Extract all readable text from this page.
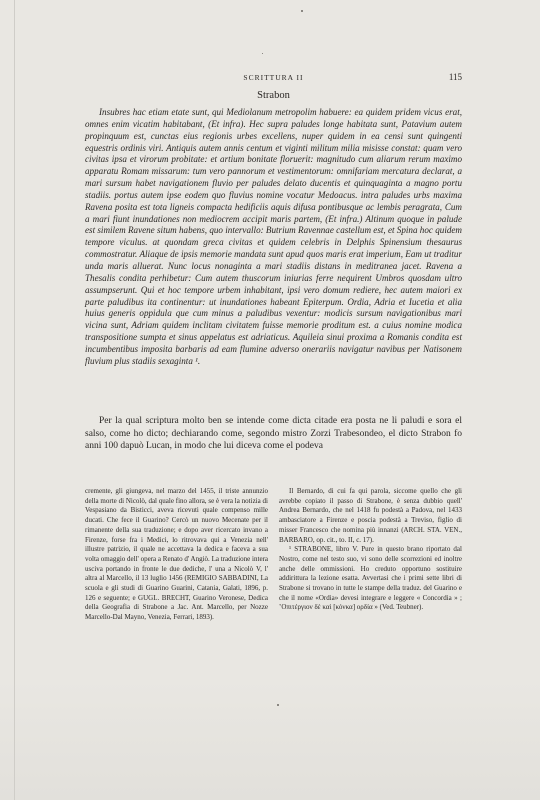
SCRITTURA II	115
Strabon

Insubres hac etiam etate sunt, qui Mediolanum metropolim habuere: ea quidem pridem vicus erat, omnes enim vicatim habitabant, (Et infra). Hec supra paludes longe habitata sunt, Patavium autem propinquum est, cunctas eius regionis urbes excellens, nuper quidem in ea censi sunt quingenti equestris ordinis viri. Antiquis autem annis centum et viginti militum milia misisse constat: quam vero civitas ipsa et virorum probitate: et artium bonitate floruerit: magnitudo cum aliarum rerum maximo apparatu Romam missarum: tum vero pannorum et vestimentorum: omnifariam mercatura declarat, a mari sursum habet navigationem fluvio per paludes delato ducentis et quinquaginta a magno portu stadiis. portus autem ipse eodem quo fluvius nomine vocatur Medoacus. intra paludes urbs maxima Ravena posita est tota ligneis compacta hedificiis aquis difusa pontibusque ac lembis peragrata, Cum a mari fiunt inundationes non mediocrem accipit maris partem, (Et infra.) Altinum quoque in palude est similem Ravene situm habens, quo intervallo: Butrium Ravennae castellum est, et Spina hoc quidem tempore viculus. at quondam greca civitas et quidem celebris in Delphis Spinensium thesaurus commostratur. Aliaque de ipsis memorie mandata sunt apud quos maris erat imperium, Eam ut traditur unda maris alluerat. Nunc locus nonaginta a mari stadiis distans in meditranea jacet. Ravena a Thesalis condita perhibetur: Cum autem thuscorum iniurias ferre nequirent Umbros quosdam ultro assumpserunt. Qui et hoc tempore urbem inhabitant, ipsi vero domum rediere, hec autem maiori ex parte paludibus ita continentur: ut inundationes habeant Epiterpum. Ordia, Adria et Iucetia et alia huius generis oppidula que cum minus a paludibus vexentur: modicis sursum navigationibus mari vicina sunt, Adriam quidem inclitam civitatem fuisse memorie proditum est. a cuius nomine modica transpositione sumpta et sinus appelatus est adriaticus. Aquileia sinui proxima a Romanis condita est incumbentibus imposita barbaris ad eam flumine adverso onerariis navigatur navibus per Natisonem fluvium plus stadiis sexaginta ¹.

Per la qual scriptura molto ben se intende come dicta citade era posta ne li paludi e sora el salso, come ho dicto; dechiarando come, segondo mistro Zorzi Trabesondeo, el dicto Strabon fo anni 100 dapuò Lucan, in modo che lui diceva come el podeva

cremente, gli giungeva, nel marzo del 1455, il triste annunzio della morte di Nicolò, dal quale fino allora, se è vera la notizia di Vespasiano da Bisticci, aveva ricevuti quale compenso mille ducati. Che fece il Guarino? Cercò un nuovo Mecenate per il rimanente della sua traduzione; e dopo aver ricercato invano a Firenze, forse fra i Medici, lo ritrovava qui a Venezia nell' illustre patrizio, il quale ne accettava la dedica e faceva a sua volta omaggio dell' opera a Renato d' Angiò. La traduzione intera usciva portando in fronte le due dediche, l' una a Nicolò V, l' altra al Marcello, il 13 luglio 1456 (REMIGIO SABBADINI, La scuola e gli studi di Guarino Guarini, Catania, Galati, 1896, p. 126 e seguente; e GUGL. BRECHT, Guarino Veronese, Dedica della Geografia di Strabone a Jac. Ant. Marcello, per Nozze Marcello-Dal Mayno, Venezia, Ferrari, 1893).

Il Bernardo, di cui fa qui parola, siccome quello che gli avrebbe copiato il passo di Strabone, è senza dubbio quell' Andrea Bernardo, che nel 1418 fu podestà a Padova, nel 1433 ambasciatore a Firenze e poscia podestà a Treviso, figlio di misser Francesco che nomina più innanzi (ARCH. STA. VEN., BARBARO, op. cit., to. II, c. 17).

¹ STRABONE, libro V. Pure in questo brano riportato dal Nostro, come nel testo suo, vi sono delle scorrezioni ed inoltre anche delle ommissioni. Ho creduto opportuno sostituire addirittura la lezione esatta. Avvertasi che i primi sette libri di Strabone si trovano in tutte le stampe della traduz. del Guarino e che il nome «Ordia» devesi integrare e leggere « Concordia » ; ʽΟπιτέργιον δὲ καὶ [κόνκα] ορδία » (Ved. Teubner).
